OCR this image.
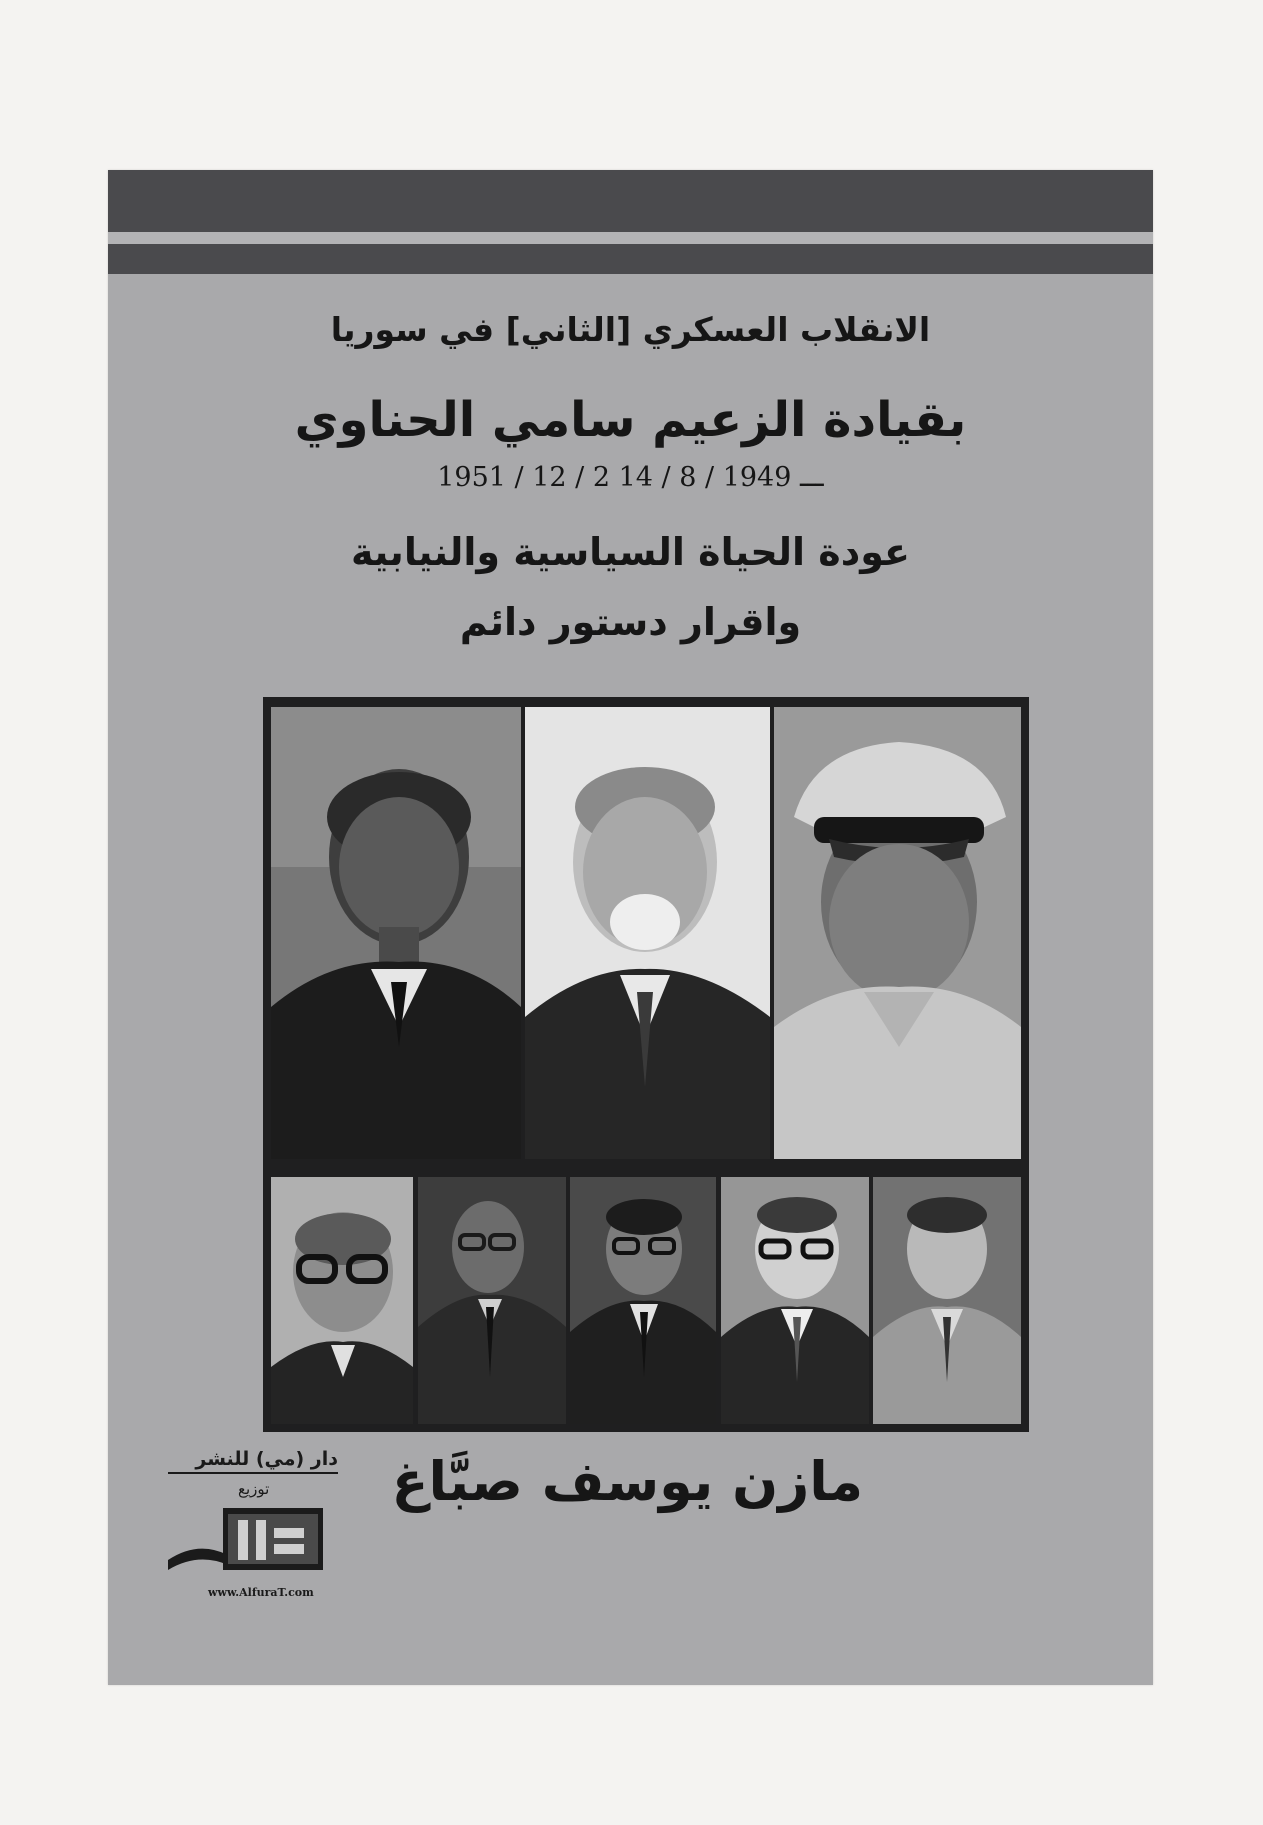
الانقلاب العسكري [الثاني] في سوريا
بقيادة الزعيم سامي الحناوي
1951 / 12 / 2 ـــ 1949 / 8 / 14
عودة الحياة السياسية والنيابية
واقرار دستور دائم
مازن يوسف صبَّاغ
دار (مي) للنشر
توزيع
www.AlfuraT.com
